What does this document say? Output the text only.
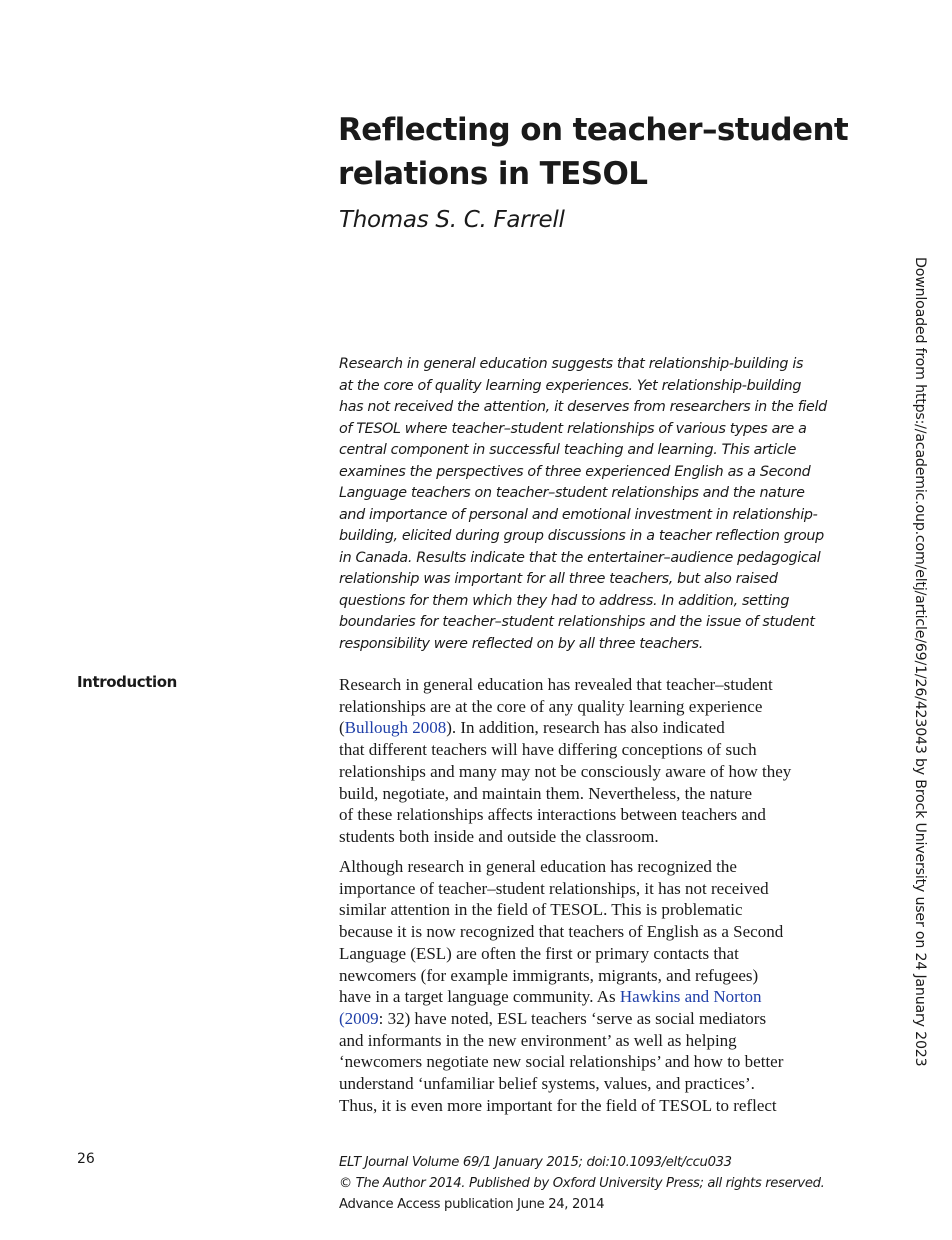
Reflecting on teacher–student
relations in TESOL
Thomas S. C. Farrell
Research in general education suggests that relationship-building is
at the core of quality learning experiences. Yet relationship-building
has not received the attention, it deserves from researchers in the field
of TESOL where teacher–student relationships of various types are a
central component in successful teaching and learning. This article
examines the perspectives of three experienced English as a Second
Language teachers on teacher–student relationships and the nature
and importance of personal and emotional investment in relationship-
building, elicited during group discussions in a teacher reflection group
in Canada. Results indicate that the entertainer–audience pedagogical
relationship was important for all three teachers, but also raised
questions for them which they had to address. In addition, setting
boundaries for teacher–student relationships and the issue of student
responsibility were reflected on by all three teachers.
Introduction	Research in general education has revealed that teacher–student
relationships are at the core of any quality learning experience
(Bullough 2008). In addition, research has also indicated
that different teachers will have differing conceptions of such
relationships and many may not be consciously aware of how they
build, negotiate, and maintain them. Nevertheless, the nature
of these relationships affects interactions between teachers and
students both inside and outside the classroom.
Although research in general education has recognized the
importance of teacher–student relationships, it has not received
similar attention in the field of TESOL. This is problematic
because it is now recognized that teachers of English as a Second
Language (ESL) are often the first or primary contacts that
newcomers (for example immigrants, migrants, and refugees)
have in a target language community. As Hawkins and Norton
(2009: 32) have noted, ESL teachers ‘serve as social mediators
and informants in the new environment’ as well as helping
‘newcomers negotiate new social relationships’ and how to better
understand ‘unfamiliar belief systems, values, and practices’.
Thus, it is even more important for the field of TESOL to reflect
26	ELT Journal Volume 69/1 January 2015; doi:10.1093/elt/ccu033
© The Author 2014. Published by Oxford University Press; all rights reserved.
Advance Access publication June 24, 2014
Downloaded from https://academic.oup.com/eltj/article/69/1/26/423043 by Brock University user on 24 January 2023
